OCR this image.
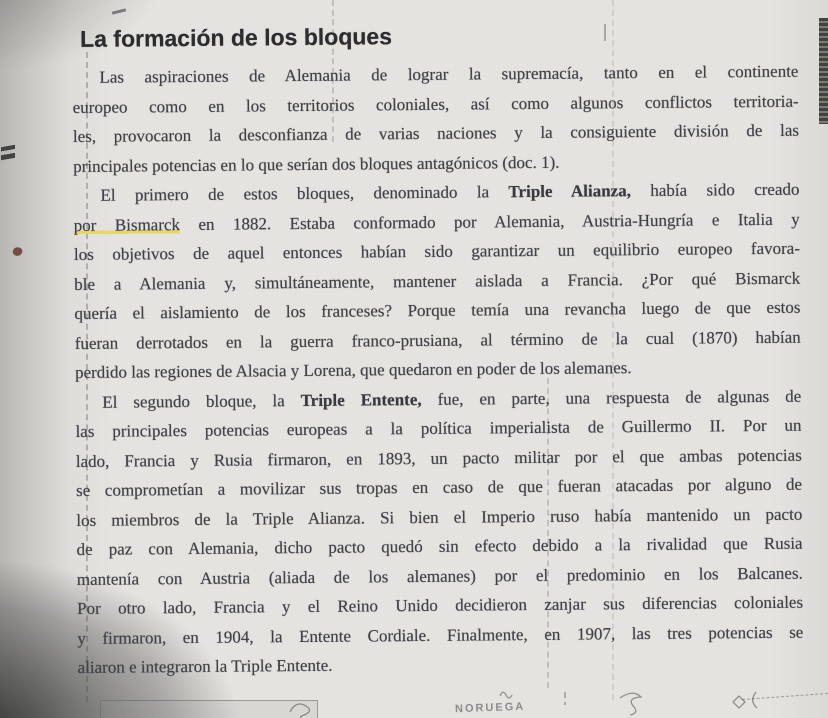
La formación de los bloques
Las aspiraciones de Alemania de lograr la supremacía, tanto en el continente
europeo como en los territorios coloniales, así como algunos conflictos territoria-
les, provocaron la desconfianza de varias naciones y la consiguiente división de las
principales potencias en lo que serían dos bloques antagónicos (doc. 1).
El primero de estos bloques, denominado la Triple Alianza, había sido creado
por Bismarck en 1882. Estaba conformado por Alemania, Austria-Hungría e Italia y
los objetivos de aquel entonces habían sido garantizar un equilibrio europeo favora-
ble a Alemania y, simultáneamente, mantener aislada a Francia. ¿Por qué Bismarck
quería el aislamiento de los franceses? Porque temía una revancha luego de que estos
fueran derrotados en la guerra franco-prusiana, al término de la cual (1870) habían
perdido las regiones de Alsacia y Lorena, que quedaron en poder de los alemanes.
El segundo bloque, la Triple Entente, fue, en parte, una respuesta de algunas de
las principales potencias europeas a la política imperialista de Guillermo II. Por un
lado, Francia y Rusia firmaron, en 1893, un pacto militar por el que ambas potencias
se comprometían a movilizar sus tropas en caso de que fueran atacadas por alguno de
los miembros de la Triple Alianza. Si bien el Imperio ruso había mantenido un pacto
de paz con Alemania, dicho pacto quedó sin efecto debido a la rivalidad que Rusia
mantenía con Austria (aliada de los alemanes) por el predominio en los Balcanes.
Por otro lado, Francia y el Reino Unido decidieron zanjar sus diferencias coloniales
y firmaron, en 1904, la Entente Cordiale. Finalmente, en 1907, las tres potencias se
aliaron e integraron la Triple Entente.
NORUEGA
